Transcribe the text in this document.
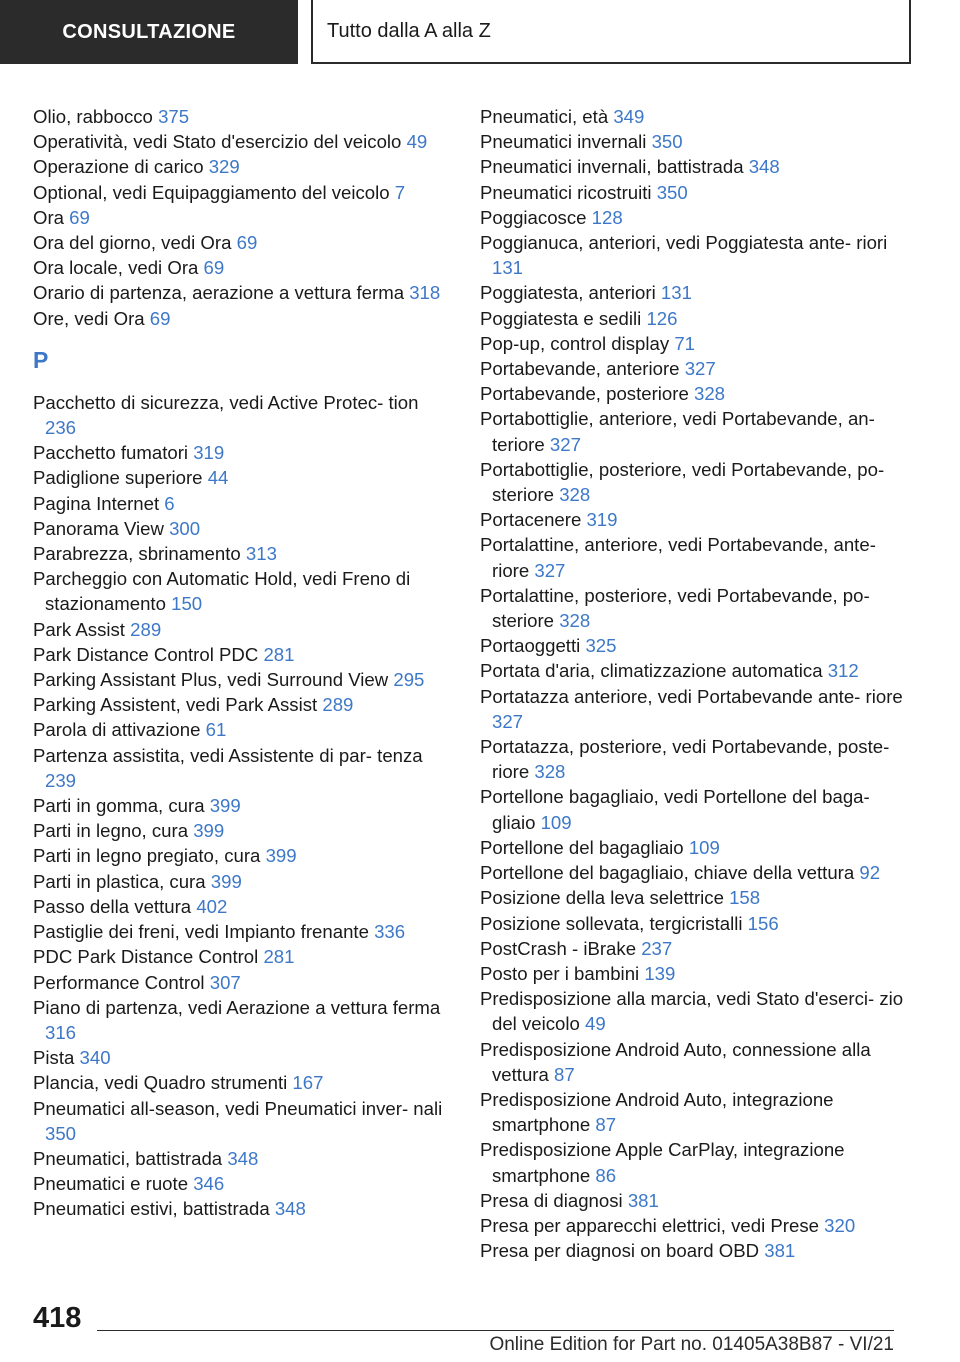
CONSULTAZIONE	Tutto dalla A alla Z
Olio, rabbocco 375
Operatività, vedi Stato d'esercizio del veicolo 49
Operazione di carico 329
Optional, vedi Equipaggiamento del veicolo 7
Ora 69
Ora del giorno, vedi Ora 69
Ora locale, vedi Ora 69
Orario di partenza, aerazione a vettura ferma 318
Ore, vedi Ora 69
P
Pacchetto di sicurezza, vedi Active Protec- tion 236
Pacchetto fumatori 319
Padiglione superiore 44
Pagina Internet 6
Panorama View 300
Parabrezza, sbrinamento 313
Parcheggio con Automatic Hold, vedi Freno di stazionamento 150
Park Assist 289
Park Distance Control PDC 281
Parking Assistant Plus, vedi Surround View 295
Parking Assistent, vedi Park Assist 289
Parola di attivazione 61
Partenza assistita, vedi Assistente di par- tenza 239
Parti in gomma, cura 399
Parti in legno, cura 399
Parti in legno pregiato, cura 399
Parti in plastica, cura 399
Passo della vettura 402
Pastiglie dei freni, vedi Impianto frenante 336
PDC Park Distance Control 281
Performance Control 307
Piano di partenza, vedi Aerazione a vettura ferma 316
Pista 340
Plancia, vedi Quadro strumenti 167
Pneumatici all-season, vedi Pneumatici inver- nali 350
Pneumatici, battistrada 348
Pneumatici e ruote 346
Pneumatici estivi, battistrada 348
Pneumatici, età 349
Pneumatici invernali 350
Pneumatici invernali, battistrada 348
Pneumatici ricostruiti 350
Poggiacosce 128
Poggianuca, anteriori, vedi Poggiatesta ante- riori 131
Poggiatesta, anteriori 131
Poggiatesta e sedili 126
Pop-up, control display 71
Portabevande, anteriore 327
Portabevande, posteriore 328
Portabottiglie, anteriore, vedi Portabevande, an- teriore 327
Portabottiglie, posteriore, vedi Portabevande, po- steriore 328
Portacenere 319
Portalattine, anteriore, vedi Portabevande, ante- riore 327
Portalattine, posteriore, vedi Portabevande, po- steriore 328
Portaoggetti 325
Portata d'aria, climatizzazione automatica 312
Portatazza anteriore, vedi Portabevande ante- riore 327
Portatazza, posteriore, vedi Portabevande, poste- riore 328
Portellone bagagliaio, vedi Portellone del baga- gliaio 109
Portellone del bagagliaio 109
Portellone del bagagliaio, chiave della vettura 92
Posizione della leva selettrice 158
Posizione sollevata, tergicristalli 156
PostCrash - iBrake 237
Posto per i bambini 139
Predisposizione alla marcia, vedi Stato d'eserci- zio del veicolo 49
Predisposizione Android Auto, connessione alla vettura 87
Predisposizione Android Auto, integrazione smartphone 87
Predisposizione Apple CarPlay, integrazione smartphone 86
Presa di diagnosi 381
Presa per apparecchi elettrici, vedi Prese 320
Presa per diagnosi on board OBD 381
418
Online Edition for Part no. 01405A38B87 - VI/21
